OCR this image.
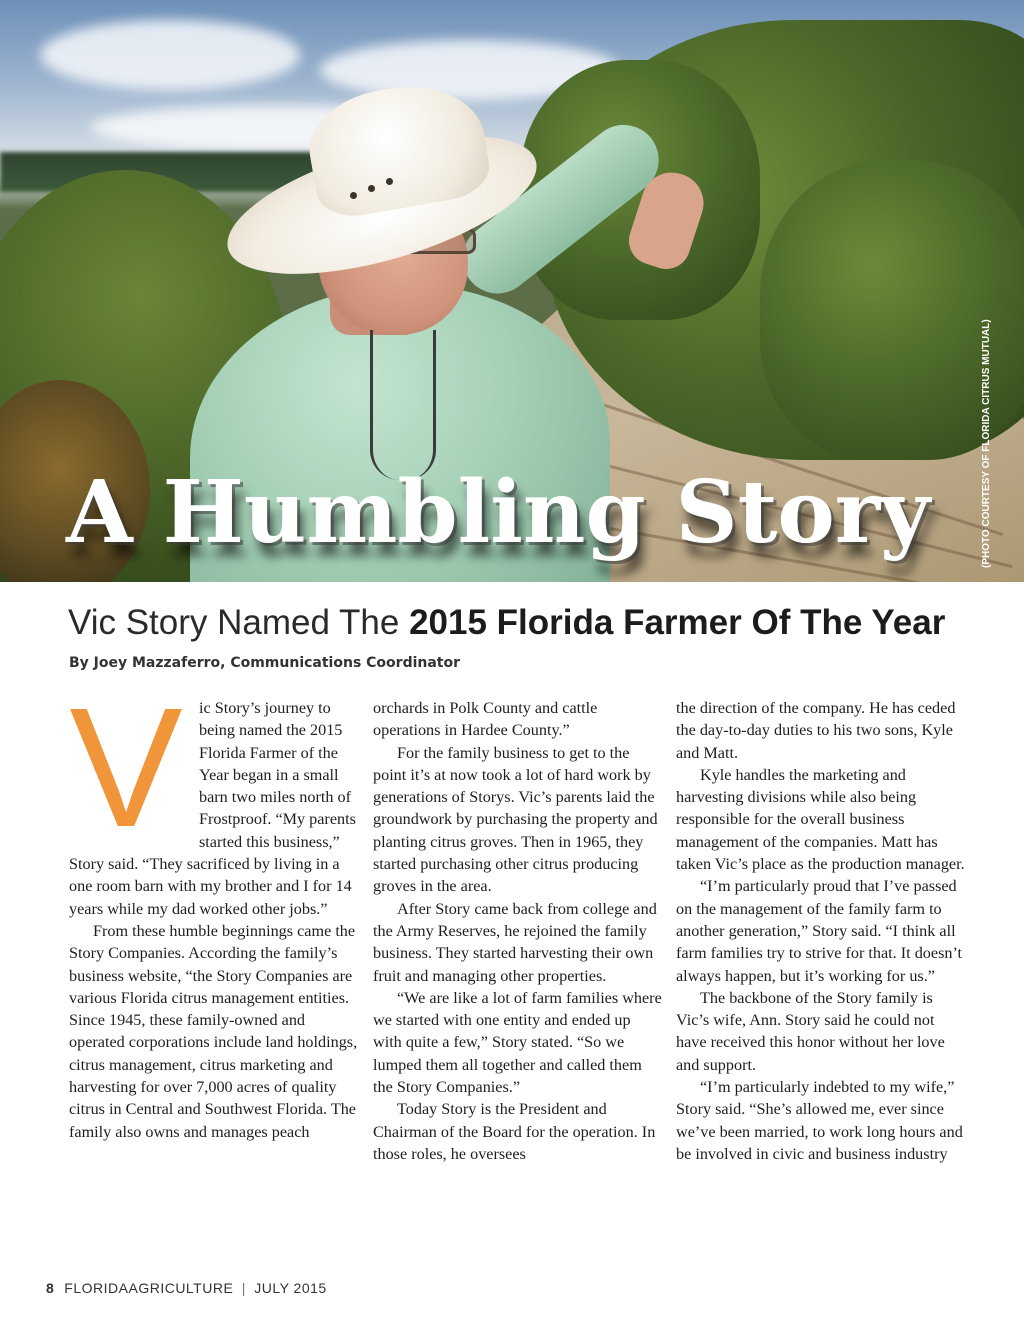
A Humbling Story	(PHOTO COURTESY OF FLORIDA CITRUS MUTUAL)

Vic Story Named The 2015 Florida Farmer Of The Year

By Joey Mazzaferro, Communications Coordinator

V	ic Story’s journey to being named the 2015 Florida Farmer of the Year began in a small barn two miles north of Frostproof. “My parents started this business,” Story said. “They sacrificed by living in a one room barn with my brother and I for 14 years while my dad worked other jobs.”

From these humble beginnings came the Story Companies. According the family’s business website, “the Story Companies are various Florida citrus management entities. Since 1945, these family-owned and operated corporations include land holdings, citrus management, citrus marketing and harvesting for over 7,000 acres of quality citrus in Central and Southwest Florida. The family also owns and manages peach

orchards in Polk County and cattle operations in Hardee County.”

For the family business to get to the point it’s at now took a lot of hard work by generations of Storys. Vic’s parents laid the groundwork by purchasing the property and planting citrus groves. Then in 1965, they started purchasing other citrus producing groves in the area.

After Story came back from college and the Army Reserves, he rejoined the family business. They started harvesting their own fruit and managing other properties.

“We are like a lot of farm families where we started with one entity and ended up with quite a few,” Story stated. “So we lumped them all together and called them the Story Companies.”

Today Story is the President and Chairman of the Board for the operation. In those roles, he oversees

the direction of the company. He has ceded the day-to-day duties to his two sons, Kyle and Matt.

Kyle handles the marketing and harvesting divisions while also being responsible for the overall business management of the companies. Matt has taken Vic’s place as the production manager.

“I’m particularly proud that I’ve passed on the management of the family farm to another generation,” Story said. “I think all farm families try to strive for that. It doesn’t always happen, but it’s working for us.”

The backbone of the Story family is Vic’s wife, Ann. Story said he could not have received this honor without her love and support.

“I’m particularly indebted to my wife,” Story said. “She’s allowed me, ever since we’ve been married, to work long hours and be involved in civic and business industry

8 FLORIDAAGRICULTURE | JULY 2015
